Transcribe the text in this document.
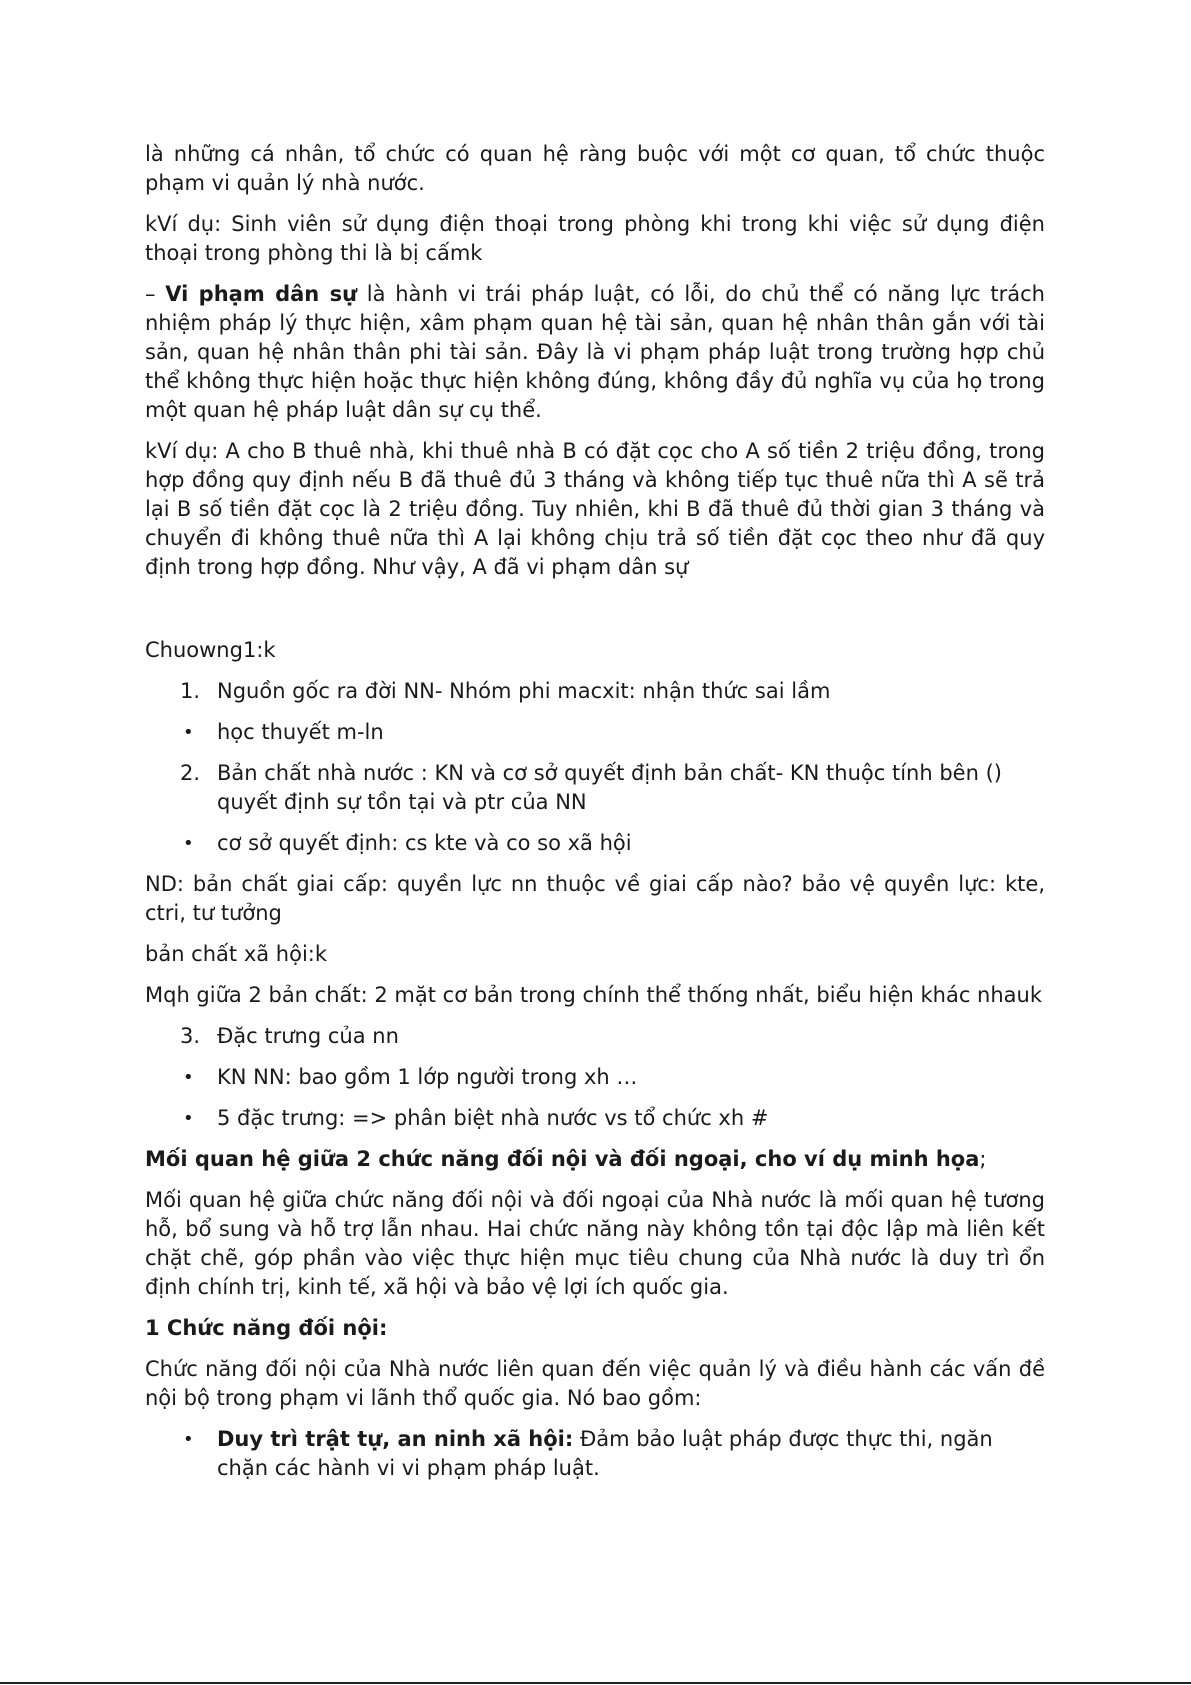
là những cá nhân, tổ chức có quan hệ ràng buộc với một cơ quan, tổ chức thuộc phạm vi quản lý nhà nước.

kVí dụ: Sinh viên sử dụng điện thoại trong phòng khi trong khi việc sử dụng điện thoại trong phòng thi là bị cấmk

– Vi phạm dân sự là hành vi trái pháp luật, có lỗi, do chủ thể có năng lực trách nhiệm pháp lý thực hiện, xâm phạm quan hệ tài sản, quan hệ nhân thân gắn với tài sản, quan hệ nhân thân phi tài sản. Đây là vi phạm pháp luật trong trường hợp chủ thể không thực hiện hoặc thực hiện không đúng, không đầy đủ nghĩa vụ của họ trong một quan hệ pháp luật dân sự cụ thể.

kVí dụ: A cho B thuê nhà, khi thuê nhà B có đặt cọc cho A số tiền 2 triệu đồng, trong hợp đồng quy định nếu B đã thuê đủ 3 tháng và không tiếp tục thuê nữa thì A sẽ trả lại B số tiền đặt cọc là 2 triệu đồng. Tuy nhiên, khi B đã thuê đủ thời gian 3 tháng và chuyển đi không thuê nữa thì A lại không chịu trả số tiền đặt cọc theo như đã quy định trong hợp đồng. Như vậy, A đã vi phạm dân sự

Chuowng1:k

1. Nguồn gốc ra đời NN- Nhóm phi macxit: nhận thức sai lầm
•	học thuyết m-ln
2. Bản chất nhà nước : KN và cơ sở quyết định bản chất- KN thuộc tính bên () quyết định sự tồn tại và ptr của NN
•	cơ sở quyết định: cs kte và co so xã hội

ND: bản chất giai cấp: quyền lực nn thuộc về giai cấp nào? bảo vệ quyền lực: kte, ctri, tư tưởng

bản chất xã hội:k

Mqh giữa 2 bản chất: 2 mặt cơ bản trong chính thể thống nhất, biểu hiện khác nhauk

3. Đặc trưng của nn
•	KN NN: bao gồm 1 lớp người trong xh …
•	5 đặc trưng: => phân biệt nhà nước vs tổ chức xh #

Mối quan hệ giữa 2 chức năng đối nội và đối ngoại, cho ví dụ minh họa;

Mối quan hệ giữa chức năng đối nội và đối ngoại của Nhà nước là mối quan hệ tương hỗ, bổ sung và hỗ trợ lẫn nhau. Hai chức năng này không tồn tại độc lập mà liên kết chặt chẽ, góp phần vào việc thực hiện mục tiêu chung của Nhà nước là duy trì ổn định chính trị, kinh tế, xã hội và bảo vệ lợi ích quốc gia.

1 Chức năng đối nội:

Chức năng đối nội của Nhà nước liên quan đến việc quản lý và điều hành các vấn đề nội bộ trong phạm vi lãnh thổ quốc gia. Nó bao gồm:

•	Duy trì trật tự, an ninh xã hội: Đảm bảo luật pháp được thực thi, ngăn chặn các hành vi vi phạm pháp luật.
